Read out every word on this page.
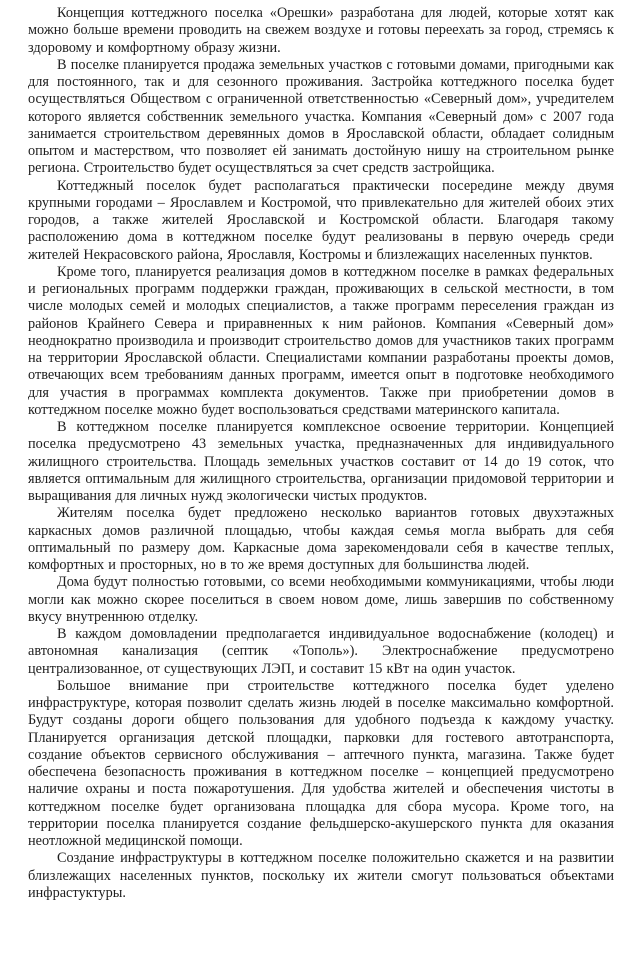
Концепция коттеджного поселка «Орешки» разработана для людей, которые хотят как можно больше времени проводить на свежем воздухе и готовы переехать за город, стремясь к здоровому и комфортному образу жизни.

В поселке планируется продажа земельных участков с готовыми домами, пригодными как для постоянного, так и для сезонного проживания. Застройка коттеджного поселка будет осуществляться Обществом с ограниченной ответственностью «Северный дом», учредителем которого является собственник земельного участка. Компания «Северный дом» с 2007 года занимается строительством деревянных домов в Ярославской области, обладает солидным опытом и мастерством, что позволяет ей занимать достойную нишу на строительном рынке региона. Строительство будет осуществляться за счет средств застройщика.

Коттеджный поселок будет располагаться практически посередине между двумя крупными городами – Ярославлем и Костромой, что привлекательно для жителей обоих этих городов, а также жителей Ярославской и Костромской области. Благодаря такому расположению дома в коттеджном поселке будут реализованы в первую очередь среди жителей Некрасовского района, Ярославля, Костромы и близлежащих населенных пунктов.

Кроме того, планируется реализация домов в коттеджном поселке в рамках федеральных и региональных программ поддержки граждан, проживающих в сельской местности, в том числе молодых семей и молодых специалистов, а также программ переселения граждан из районов Крайнего Севера и приравненных к ним районов. Компания «Северный дом» неоднократно производила и производит строительство домов для участников таких программ на территории Ярославской области. Специалистами компании разработаны проекты домов, отвечающих всем требованиям данных программ, имеется опыт в подготовке необходимого для участия в программах комплекта документов. Также при приобретении домов в коттеджном поселке можно будет воспользоваться средствами материнского капитала.

В коттеджном поселке планируется комплексное освоение территории. Концепцией поселка предусмотрено 43 земельных участка, предназначенных для индивидуального жилищного строительства. Площадь земельных участков составит от 14 до 19 соток, что является оптимальным для жилищного строительства, организации придомовой территории и выращивания для личных нужд экологически чистых продуктов.

Жителям поселка будет предложено несколько вариантов готовых двухэтажных каркасных домов различной площадью, чтобы каждая семья могла выбрать для себя оптимальный по размеру дом. Каркасные дома зарекомендовали себя в качестве теплых, комфортных и просторных, но в то же время доступных для большинства людей.

Дома будут полностью готовыми, со всеми необходимыми коммуникациями, чтобы люди могли как можно скорее поселиться в своем новом доме, лишь завершив по собственному вкусу внутреннюю отделку.

В каждом домовладении предполагается индивидуальное водоснабжение (колодец) и автономная канализация (септик «Тополь»). Электроснабжение предусмотрено централизованное, от существующих ЛЭП, и составит 15 кВт на один участок.

Большое внимание при строительстве коттеджного поселка будет уделено инфраструктуре, которая позволит сделать жизнь людей в поселке максимально комфортной. Будут созданы дороги общего пользования для удобного подъезда к каждому участку. Планируется организация детской площадки, парковки для гостевого автотранспорта, создание объектов сервисного обслуживания – аптечного пункта, магазина. Также будет обеспечена безопасность проживания в коттеджном поселке – концепцией предусмотрено наличие охраны и поста пожаротушения. Для удобства жителей и обеспечения чистоты в коттеджном поселке будет организована площадка для сбора мусора. Кроме того, на территории поселка планируется создание фельдшерско-акушерского пункта для оказания неотложной медицинской помощи.

Создание инфраструктуры в коттеджном поселке положительно скажется и на развитии близлежащих населенных пунктов, поскольку их жители смогут пользоваться объектами инфрастуктуры.
